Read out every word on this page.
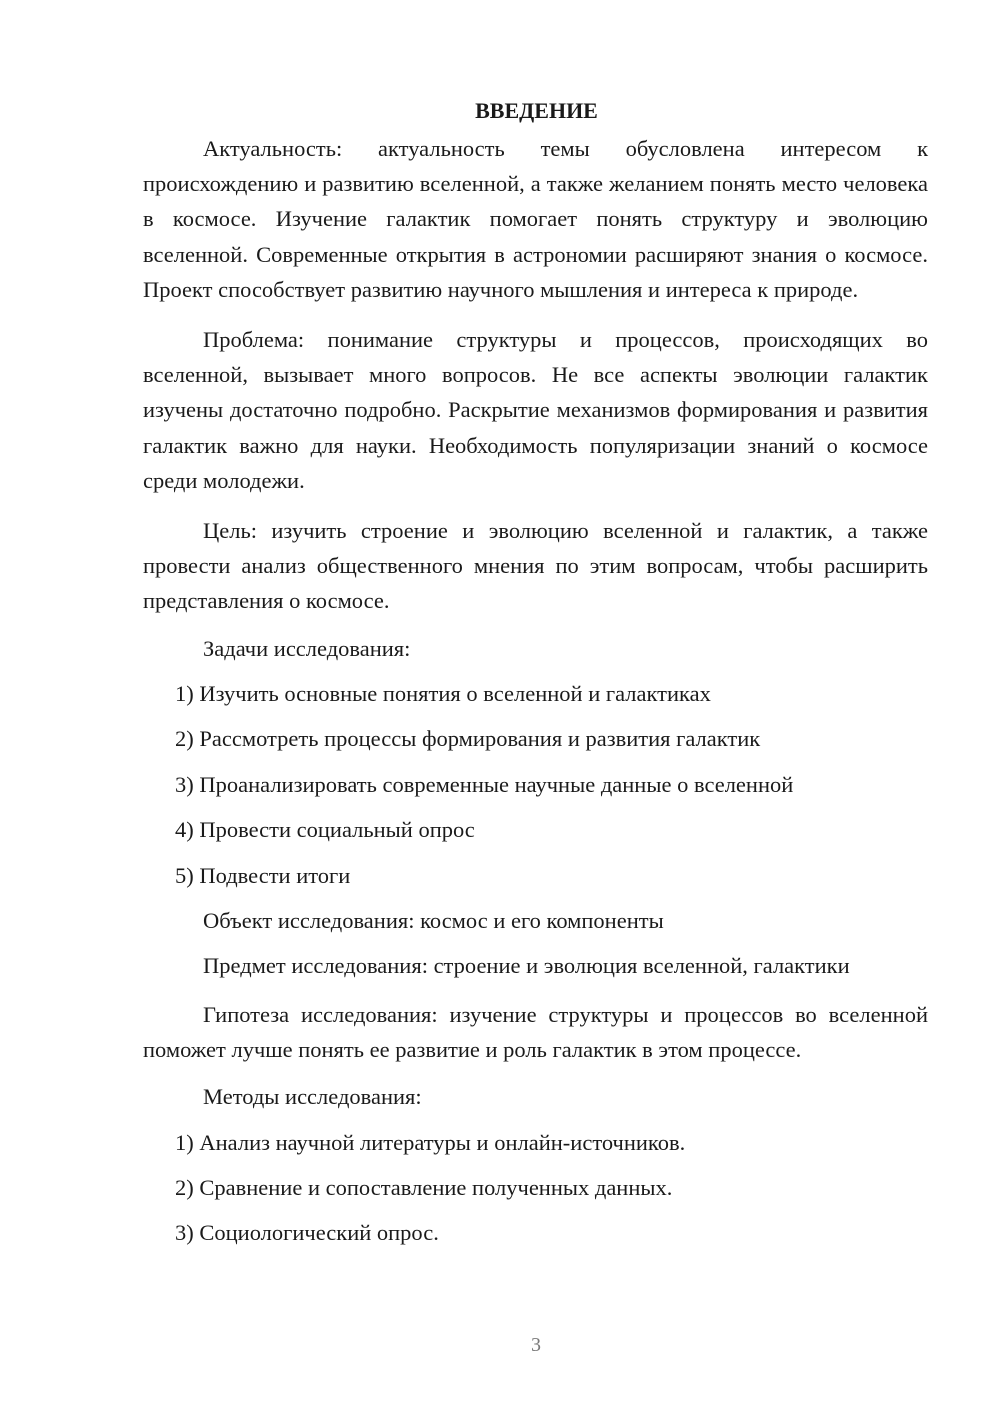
ВВЕДЕНИЕ

Актуальность: актуальность темы обусловлена интересом к происхождению и развитию вселенной, а также желанием понять место человека в космосе. Изучение галактик помогает понять структуру и эволюцию вселенной. Современные открытия в астрономии расширяют знания о космосе. Проект способствует развитию научного мышления и интереса к природе.

Проблема: понимание структуры и процессов, происходящих во вселенной, вызывает много вопросов. Не все аспекты эволюции галактик изучены достаточно подробно. Раскрытие механизмов формирования и развития галактик важно для науки. Необходимость популяризации знаний о космосе среди молодежи.

Цель: изучить строение и эволюцию вселенной и галактик, а также провести анализ общественного мнения по этим вопросам, чтобы расширить представления о космосе.

Задачи исследования:
1) Изучить основные понятия о вселенной и галактиках
2) Рассмотреть процессы формирования и развития галактик
3) Проанализировать современные научные данные о вселенной
4) Провести социальный опрос
5) Подвести итоги
Объект исследования: космос и его компоненты
Предмет исследования: строение и эволюция вселенной, галактики

Гипотеза исследования: изучение структуры и процессов во вселенной поможет лучше понять ее развитие и роль галактик в этом процессе.

Методы исследования:
1) Анализ научной литературы и онлайн-источников.
2) Сравнение и сопоставление полученных данных.
3) Социологический опрос.
3
